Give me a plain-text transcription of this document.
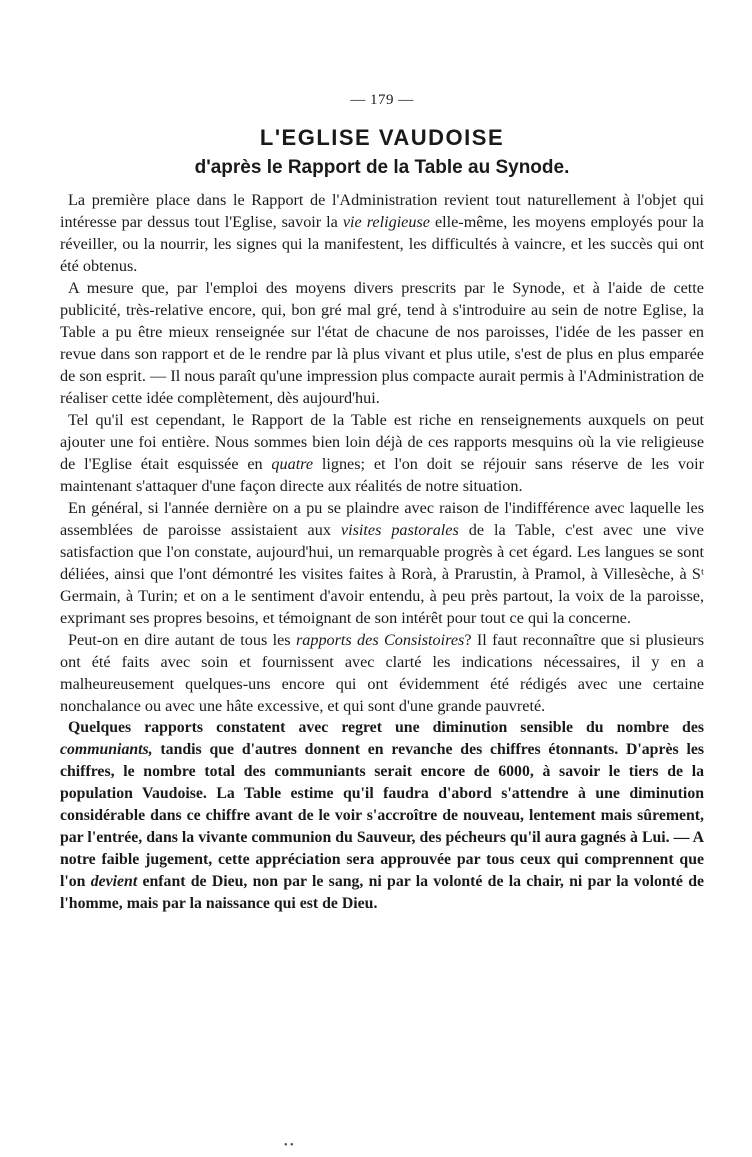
— 179 —
L'EGLISE VAUDOISE
d'après le Rapport de la Table au Synode.

La première place dans le Rapport de l'Administration revient tout naturellement à l'objet qui intéresse par dessus tout l'Eglise, savoir la vie religieuse elle-même, les moyens employés pour la réveiller, ou la nourrir, les signes qui la manifestent, les difficultés à vaincre, et les succès qui ont été obtenus.

A mesure que, par l'emploi des moyens divers prescrits par le Synode, et à l'aide de cette publicité, très-relative encore, qui, bon gré mal gré, tend à s'introduire au sein de notre Eglise, la Table a pu être mieux renseignée sur l'état de chacune de nos paroisses, l'idée de les passer en revue dans son rapport et de le rendre par là plus vivant et plus utile, s'est de plus en plus emparée de son esprit. — Il nous paraît qu'une impression plus compacte aurait permis à l'Administration de réaliser cette idée complètement, dès aujourd'hui.

Tel qu'il est cependant, le Rapport de la Table est riche en renseignements auxquels on peut ajouter une foi entière. Nous sommes bien loin déjà de ces rapports mesquins où la vie religieuse de l'Eglise était esquissée en quatre lignes; et l'on doit se réjouir sans réserve de les voir maintenant s'attaquer d'une façon directe aux réalités de notre situation.

En général, si l'année dernière on a pu se plaindre avec raison de l'indifférence avec laquelle les assemblées de paroisse assistaient aux visites pastorales de la Table, c'est avec une vive satisfaction que l'on constate, aujourd'hui, un remarquable progrès à cet égard. Les langues se sont déliées, ainsi que l'ont démontré les visites faites à Rorà, à Prarustin, à Pramol, à Villesèche, à Sᵗ Germain, à Turin; et on a le sentiment d'avoir entendu, à peu près partout, la voix de la paroisse, exprimant ses propres besoins, et témoignant de son intérêt pour tout ce qui la concerne.

Peut-on en dire autant de tous les rapports des Consistoires? Il faut reconnaître que si plusieurs ont été faits avec soin et fournissent avec clarté les indications nécessaires, il y en a malheureusement quelques-uns encore qui ont évidemment été rédigés avec une certaine nonchalance ou avec une hâte excessive, et qui sont d'une grande pauvreté.

Quelques rapports constatent avec regret une diminution sensible du nombre des communiants, tandis que d'autres donnent en revanche des chiffres étonnants. D'après les chiffres, le nombre total des communiants serait encore de 6000, à savoir le tiers de la population Vaudoise. La Table estime qu'il faudra d'abord s'attendre à une diminution considérable dans ce chiffre avant de le voir s'accroître de nouveau, lentement mais sûrement, par l'entrée, dans la vivante communion du Sauveur, des pécheurs qu'il aura gagnés à Lui. — A notre faible jugement, cette appréciation sera approuvée par tous ceux qui comprennent que l'on devient enfant de Dieu, non par le sang, ni par la volonté de la chair, ni par la volonté de l'homme, mais par la naissance qui est de Dieu.

• •
